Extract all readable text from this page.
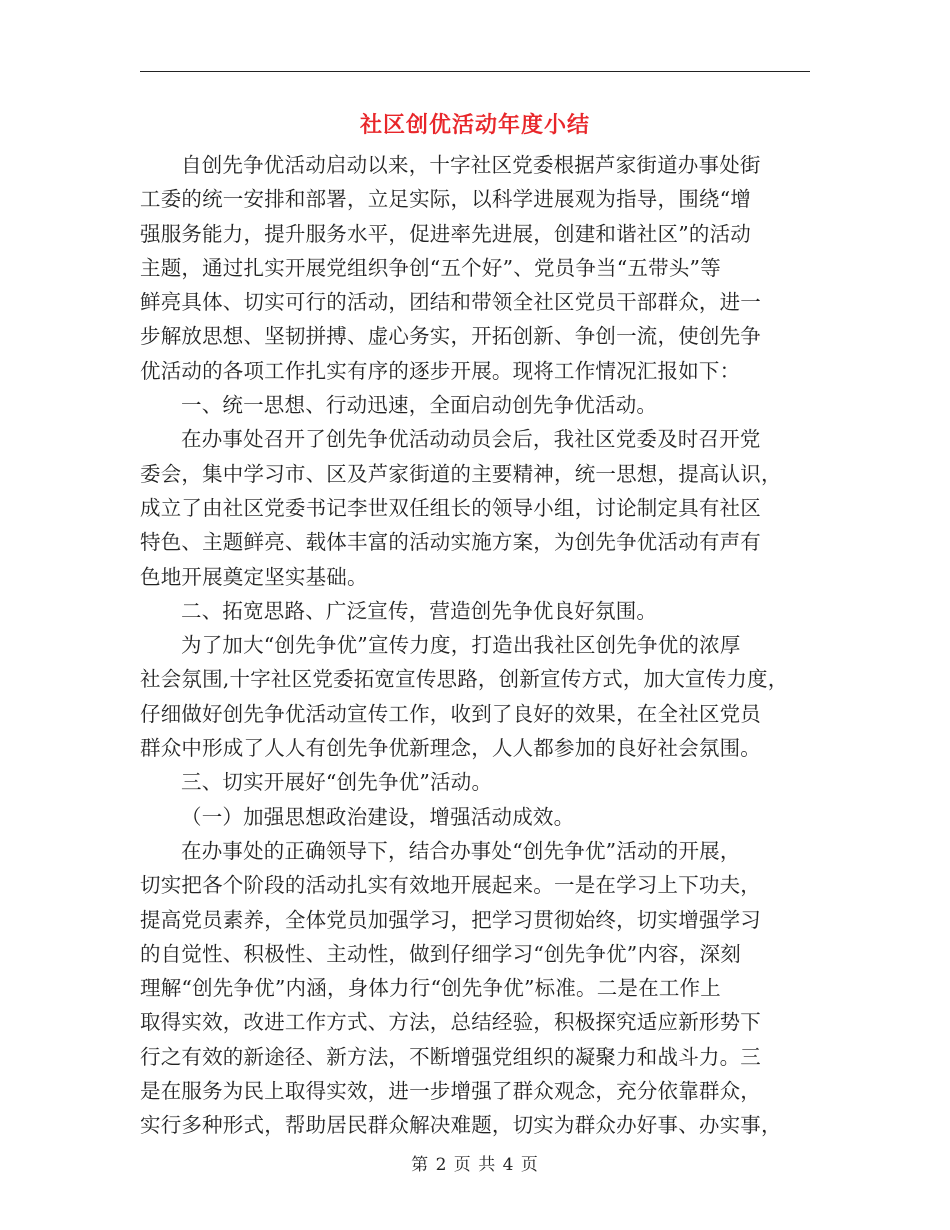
社区创优活动年度小结
自创先争优活动启动以来，十字社区党委根据芦家街道办事处街
工委的统一安排和部署，立足实际，以科学进展观为指导，围绕“增
强服务能力，提升服务水平，促进率先进展，创建和谐社区”的活动
主题，通过扎实开展党组织争创“五个好”、党员争当“五带头”等
鲜亮具体、切实可行的活动，团结和带领全社区党员干部群众，进一
步解放思想、坚韧拼搏、虚心务实，开拓创新、争创一流，使创先争
优活动的各项工作扎实有序的逐步开展。现将工作情况汇报如下：
一、统一思想、行动迅速，全面启动创先争优活动。
在办事处召开了创先争优活动动员会后，我社区党委及时召开党
委会，集中学习市、区及芦家街道的主要精神，统一思想，提高认识，
成立了由社区党委书记李世双任组长的领导小组，讨论制定具有社区
特色、主题鲜亮、载体丰富的活动实施方案，为创先争优活动有声有
色地开展奠定坚实基础。
二、拓宽思路、广泛宣传，营造创先争优良好氛围。
为了加大“创先争优”宣传力度，打造出我社区创先争优的浓厚
社会氛围,十字社区党委拓宽宣传思路，创新宣传方式，加大宣传力度，
仔细做好创先争优活动宣传工作，收到了良好的效果，在全社区党员
群众中形成了人人有创先争优新理念，人人都参加的良好社会氛围。
三、切实开展好“创先争优”活动。
（一）加强思想政治建设，增强活动成效。
在办事处的正确领导下，结合办事处“创先争优”活动的开展，
切实把各个阶段的活动扎实有效地开展起来。一是在学习上下功夫，
提高党员素养，全体党员加强学习，把学习贯彻始终，切实增强学习
的自觉性、积极性、主动性，做到仔细学习“创先争优”内容，深刻
理解“创先争优”内涵，身体力行“创先争优”标准。二是在工作上
取得实效，改进工作方式、方法，总结经验，积极探究适应新形势下
行之有效的新途径、新方法，不断增强党组织的凝聚力和战斗力。三
是在服务为民上取得实效，进一步增强了群众观念，充分依靠群众，
实行多种形式，帮助居民群众解决难题，切实为群众办好事、办实事，
第 2 页 共 4 页
